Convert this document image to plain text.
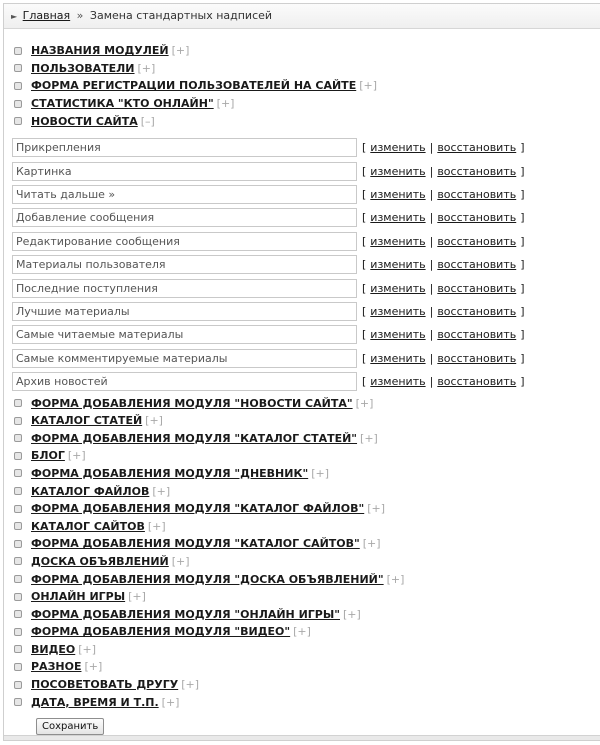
► Главная » Замена стандартных надписей
НАЗВАНИЯ МОДУЛЕЙ [+]
ПОЛЬЗОВАТЕЛИ [+]
ФОРМА РЕГИСТРАЦИИ ПОЛЬЗОВАТЕЛЕЙ НА САЙТЕ [+]
СТАТИСТИКА "КТО ОНЛАЙН" [+]
НОВОСТИ САЙТА [–]
Прикрепления
[ изменить | восстановить ]
Картинка
[ изменить | восстановить ]
Читать дальше »
[ изменить | восстановить ]
Добавление сообщения
[ изменить | восстановить ]
Редактирование сообщения
[ изменить | восстановить ]
Материалы пользователя
[ изменить | восстановить ]
Последние поступления
[ изменить | восстановить ]
Лучшие материалы
[ изменить | восстановить ]
Самые читаемые материалы
[ изменить | восстановить ]
Самые комментируемые материалы
[ изменить | восстановить ]
Архив новостей
[ изменить | восстановить ]
ФОРМА ДОБАВЛЕНИЯ МОДУЛЯ "НОВОСТИ САЙТА" [+]
КАТАЛОГ СТАТЕЙ [+]
ФОРМА ДОБАВЛЕНИЯ МОДУЛЯ "КАТАЛОГ СТАТЕЙ" [+]
БЛОГ [+]
ФОРМА ДОБАВЛЕНИЯ МОДУЛЯ "ДНЕВНИК" [+]
КАТАЛОГ ФАЙЛОВ [+]
ФОРМА ДОБАВЛЕНИЯ МОДУЛЯ "КАТАЛОГ ФАЙЛОВ" [+]
КАТАЛОГ САЙТОВ [+]
ФОРМА ДОБАВЛЕНИЯ МОДУЛЯ "КАТАЛОГ САЙТОВ" [+]
ДОСКА ОБЪЯВЛЕНИЙ [+]
ФОРМА ДОБАВЛЕНИЯ МОДУЛЯ "ДОСКА ОБЪЯВЛЕНИЙ" [+]
ОНЛАЙН ИГРЫ [+]
ФОРМА ДОБАВЛЕНИЯ МОДУЛЯ "ОНЛАЙН ИГРЫ" [+]
ФОРМА ДОБАВЛЕНИЯ МОДУЛЯ "ВИДЕО" [+]
ВИДЕО [+]
РАЗНОЕ [+]
ПОСОВЕТОВАТЬ ДРУГУ [+]
ДАТА, ВРЕМЯ И Т.П. [+]
Сохранить
